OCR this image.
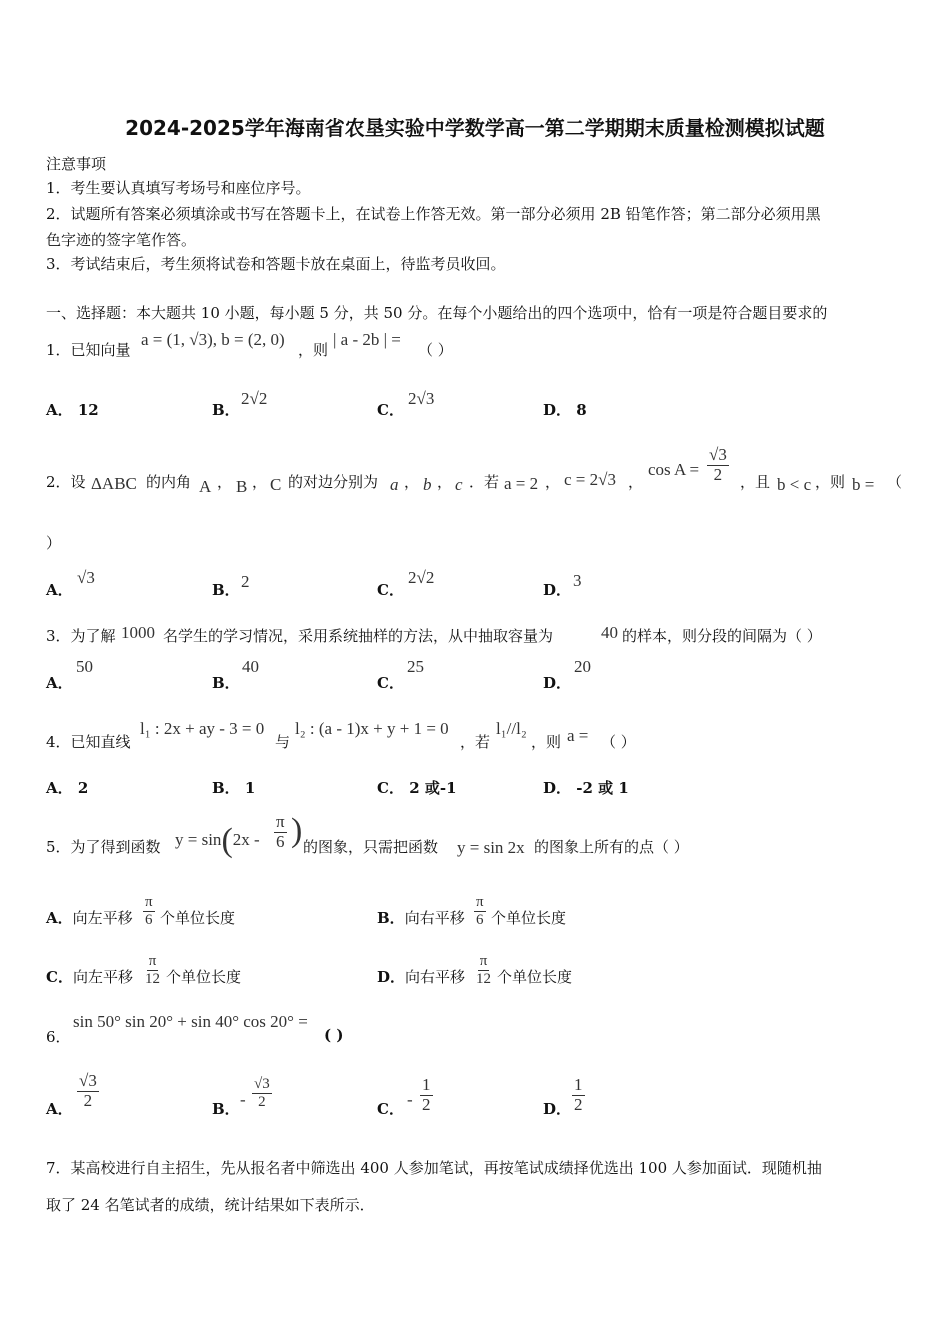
2024-2025学年海南省农垦实验中学数学高一第二学期期末质量检测模拟试题
注意事项
1．考生要认真填写考场号和座位序号。
2．试题所有答案必须填涂或书写在答题卡上，在试卷上作答无效。第一部分必须用 2B 铅笔作答；第二部分必须用黑
色字迹的签字笔作答。
3．考试结束后，考生须将试卷和答题卡放在桌面上，待监考员收回。
一、选择题：本大题共 10 小题，每小题 5 分，共 50 分。在每个小题给出的四个选项中，恰有一项是符合题目要求的
1．已知向量
a = (1, √3), b = (2, 0)
，则
| a - 2b | =
（ ）
A． 12	B．
2√2
C．
2√3
D． 8
2．设 ΔABC 的内角 A ， B ， C 的对边分别为 a ， b ， c ．若 a = 2 ， c = 2√3 ，
$\cos A = \frac{√3}{2}$ ，且 b < c ，则 b = （
）
A．
√3
B． 2	C．
2√2
D． 3
3．为了解 1000 名学生的学习情况，采用系统抽样的方法，从中抽取容量为	40 的样本，则分段的间隔为（ ）
A．
50
B．
40
C．
25
D．
20
4．已知直线
l₁ : 2x + ay - 3 = 0
与
l₂ : (a - 1)x + y + 1 = 0
，若
l₁//l₂
，则 a = （ ）
A． 2	B． 1	C． 2 或-1	D． -2 或 1
5．为了得到函数 $y = \sin(2x - \frac{\pi}{6}$ ) 的图象，只需把函数 y = sin 2x 的图象上所有的点（ ）
A．向左平移 $\frac{\pi}{6}$ 个单位长度	B．向右平移 $\frac{\pi}{6}$ 个单位长度
C．向左平移 $\frac{\pi}{12}$ 个单位长度	D．向右平移 $\frac{\pi}{12}$ 个单位长度
6．
sin 50° sin 20° + sin 40° cos 20° =
( )
A． $\frac{√3}{2}$	B． - $\frac{√3}{2}$	C． - $\frac{1}{2}$	D． $\frac{1}{2}$
7．某高校进行自主招生，先从报名者中筛选出 400 人参加笔试，再按笔试成绩择优选出 100 人参加面试．现随机抽
取了 24 名笔试者的成绩，统计结果如下表所示．
